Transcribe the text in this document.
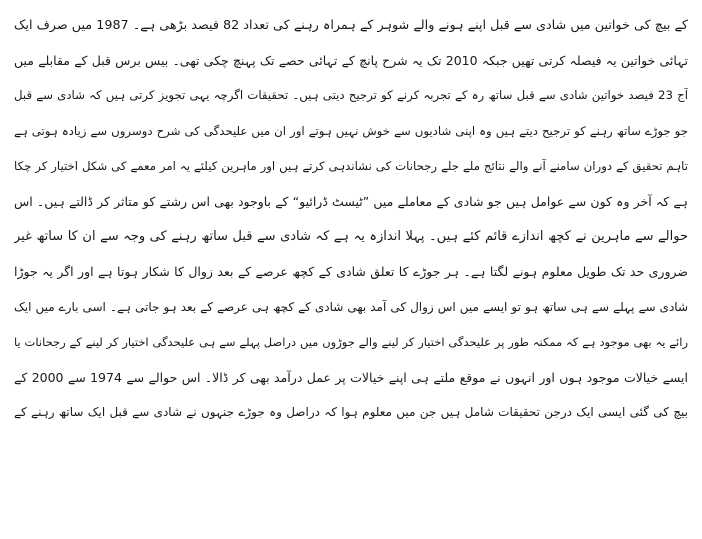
کے بیچ کی خواتین میں شادی سے قبل اپنے ہونے والے شوہر کے ہمراہ رہنے کی تعداد 82 فیصد بڑھی ہے۔ 1987 میں صرف ایک
تہائی خواتین یہ فیصلہ کرتی تھیں جبکہ 2010 تک یہ شرح پانچ کے تہائی حصے تک پہنچ چکی تھی۔ بیس برس قبل کے مقابلے میں
آج 23 فیصد خواتین شادی سے قبل ساتھ رہ کے تجربہ کرنے کو ترجیح دیتی ہیں۔ تحقیقات اگرچہ یہی تجویز کرتی ہیں کہ شادی سے قبل
جو جوڑے ساتھ رہنے کو ترجیح دیتے ہیں وہ اپنی شادیوں سے خوش نہیں ہوتے اور ان میں علیحدگی کی شرح دوسروں سے زیادہ ہوتی ہے
تاہم تحقیق کے دوران سامنے آنے والے نتائج ملے جلے رجحانات کی نشاندہی کرتے ہیں اور ماہرین کیلئے یہ امر معمے کی شکل اختیار کر چکا
ہے کہ آخر وہ کون سے عوامل ہیں جو شادی کے معاملے میں ”ٹیسٹ ڈرائیو“ کے باوجود بھی اس رشتے کو متاثر کر ڈالتے ہیں۔ اس
حوالے سے ماہرین نے کچھ اندازے قائم کئے ہیں۔ پہلا اندازہ یہ ہے کہ شادی سے قبل ساتھ رہنے کی وجہ سے ان کا ساتھ غیر
ضروری حد تک طویل معلوم ہونے لگتا ہے۔ ہر جوڑے کا تعلق شادی کے کچھ عرصے کے بعد زوال کا شکار ہوتا ہے اور اگر یہ جوڑا
شادی سے پہلے سے ہی ساتھ ہو تو ایسے میں اس زوال کی آمد بھی شادی کے کچھ ہی عرصے کے بعد ہو جاتی ہے۔ اسی بارے میں ایک
رائے یہ بھی موجود ہے کہ ممکنہ طور پر علیحدگی اختیار کر لینے والے جوڑوں میں دراصل پہلے سے ہی علیحدگی اختیار کر لینے کے رجحانات یا
ایسے خیالات موجود ہوں اور انہوں نے موقع ملتے ہی اپنے خیالات پر عمل درآمد بھی کر ڈالا۔ اس حوالے سے 1974 سے 2000 کے
بیچ کی گئی ایسی ایک درجن تحقیقات شامل ہیں جن میں معلوم ہوا کہ دراصل وہ جوڑے جنہوں نے شادی سے قبل ایک ساتھ رہنے کے
